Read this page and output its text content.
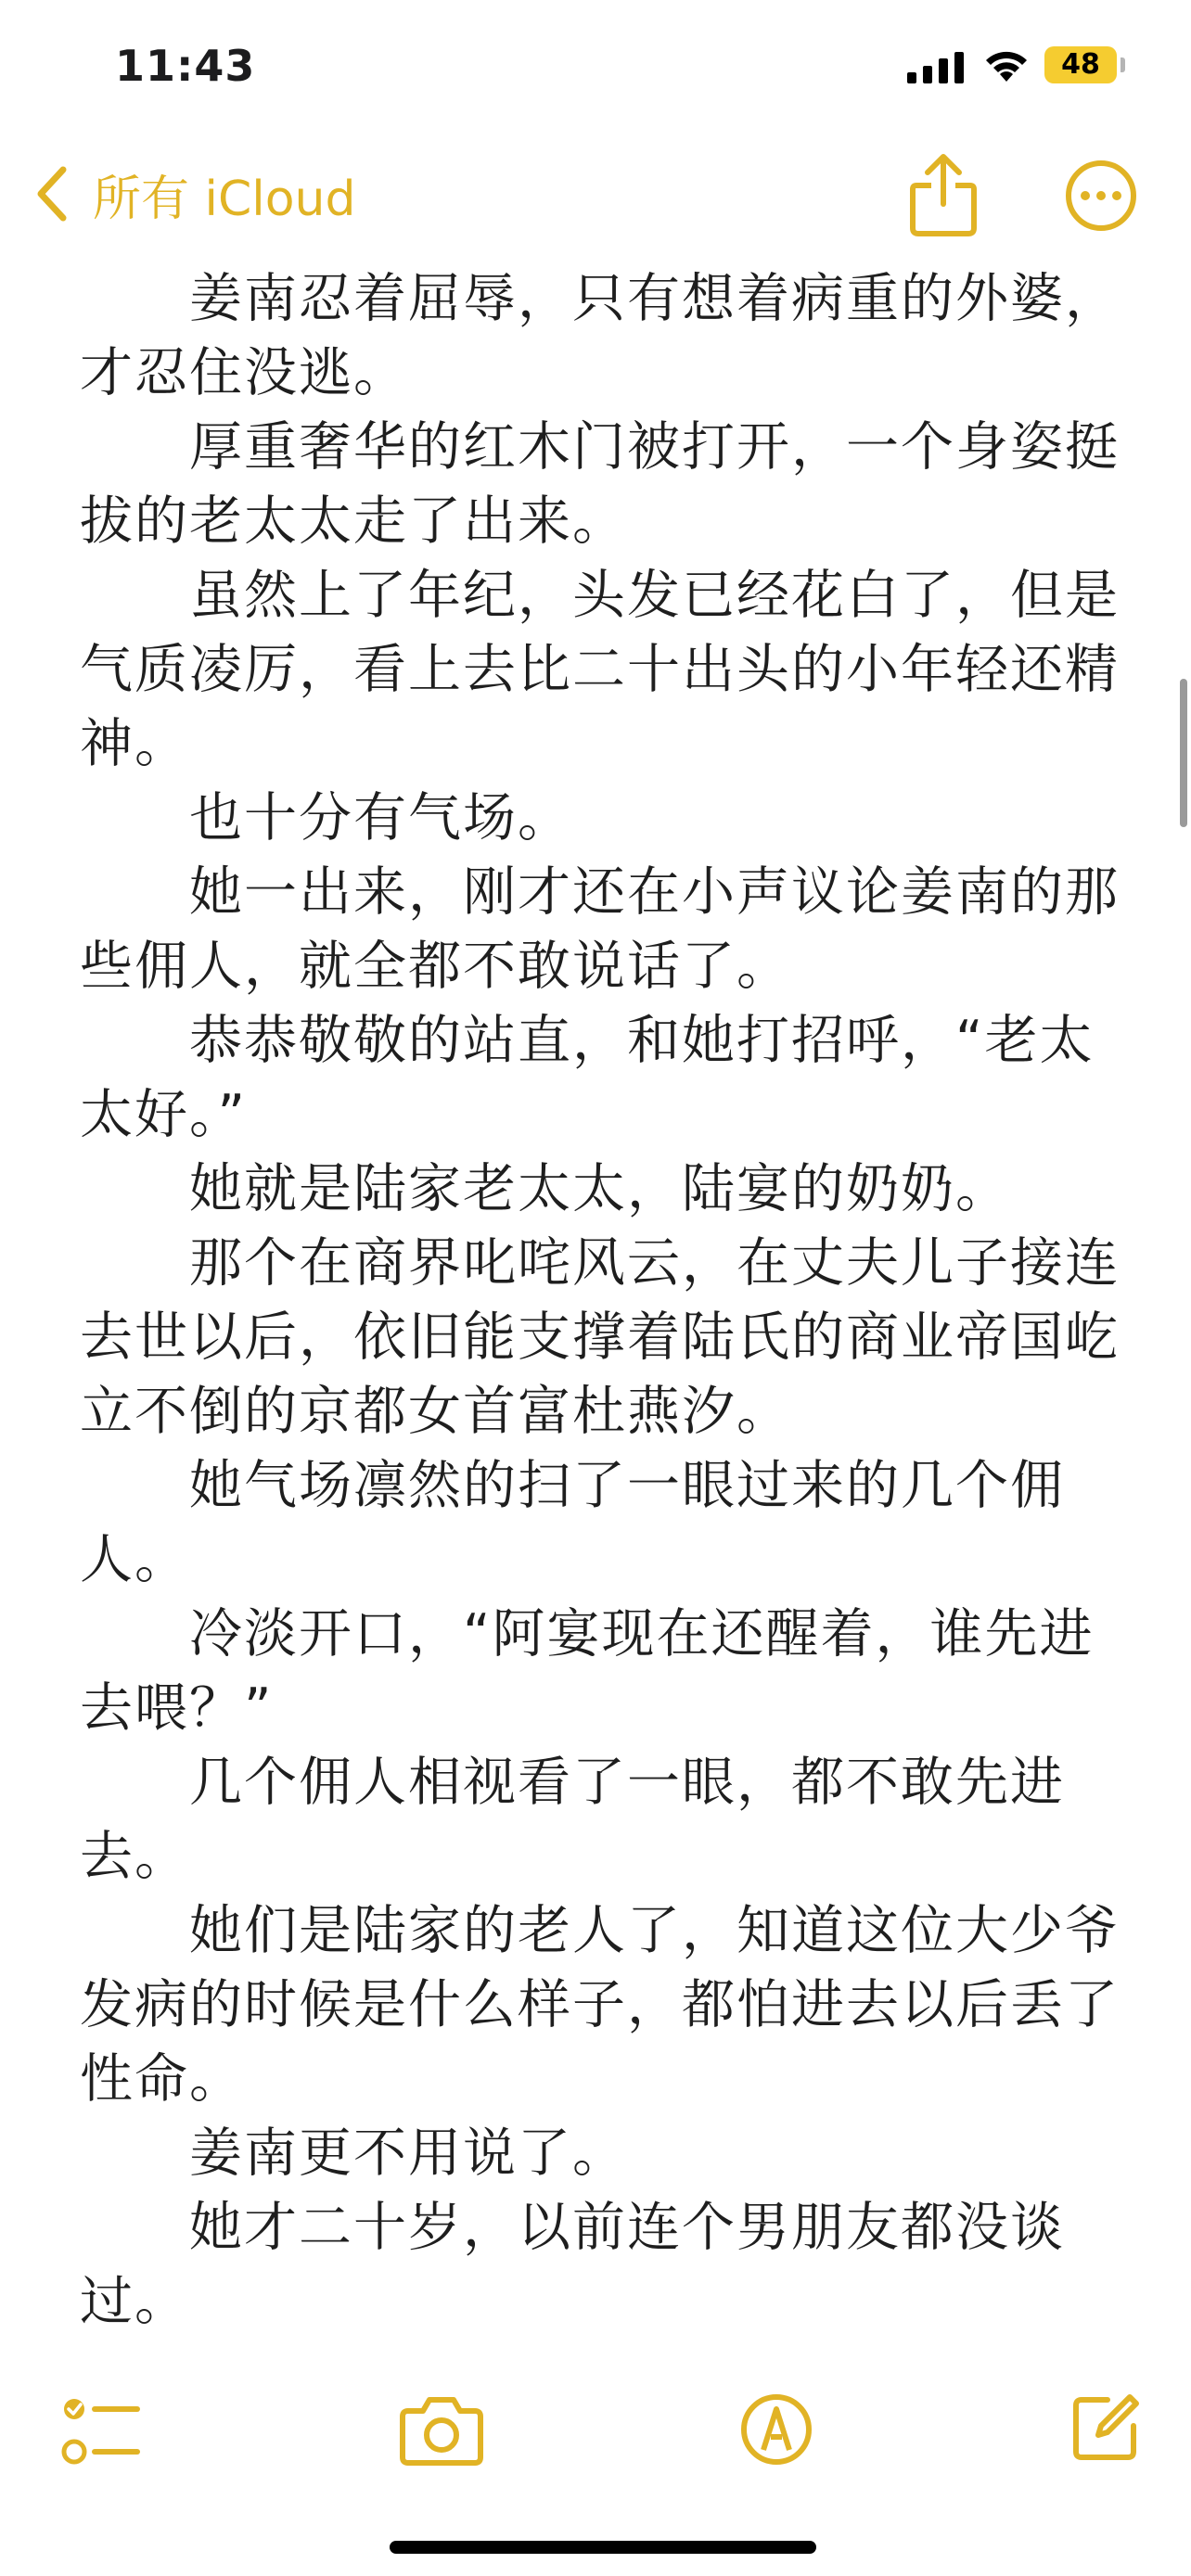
11:43	48
所有 iCloud

姜南忍着屈辱，只有想着病重的外婆，才忍住没逃。

厚重奢华的红木门被打开，一个身姿挺拔的老太太走了出来。

虽然上了年纪，头发已经花白了，但是气质凌厉，看上去比二十出头的小年轻还精神。

也十分有气场。

她一出来，刚才还在小声议论姜南的那些佣人，就全都不敢说话了。

恭恭敬敬的站直，和她打招呼，“老太太好。”

她就是陆家老太太，陆宴的奶奶。

那个在商界叱咤风云，在丈夫儿子接连去世以后，依旧能支撑着陆氏的商业帝国屹立不倒的京都女首富杜燕汐。

她气场凛然的扫了一眼过来的几个佣人。

冷淡开口，“阿宴现在还醒着，谁先进去喂？”

几个佣人相视看了一眼，都不敢先进去。

她们是陆家的老人了，知道这位大少爷发病的时候是什么样子，都怕进去以后丢了性命。

姜南更不用说了。

她才二十岁，以前连个男朋友都没谈过。
